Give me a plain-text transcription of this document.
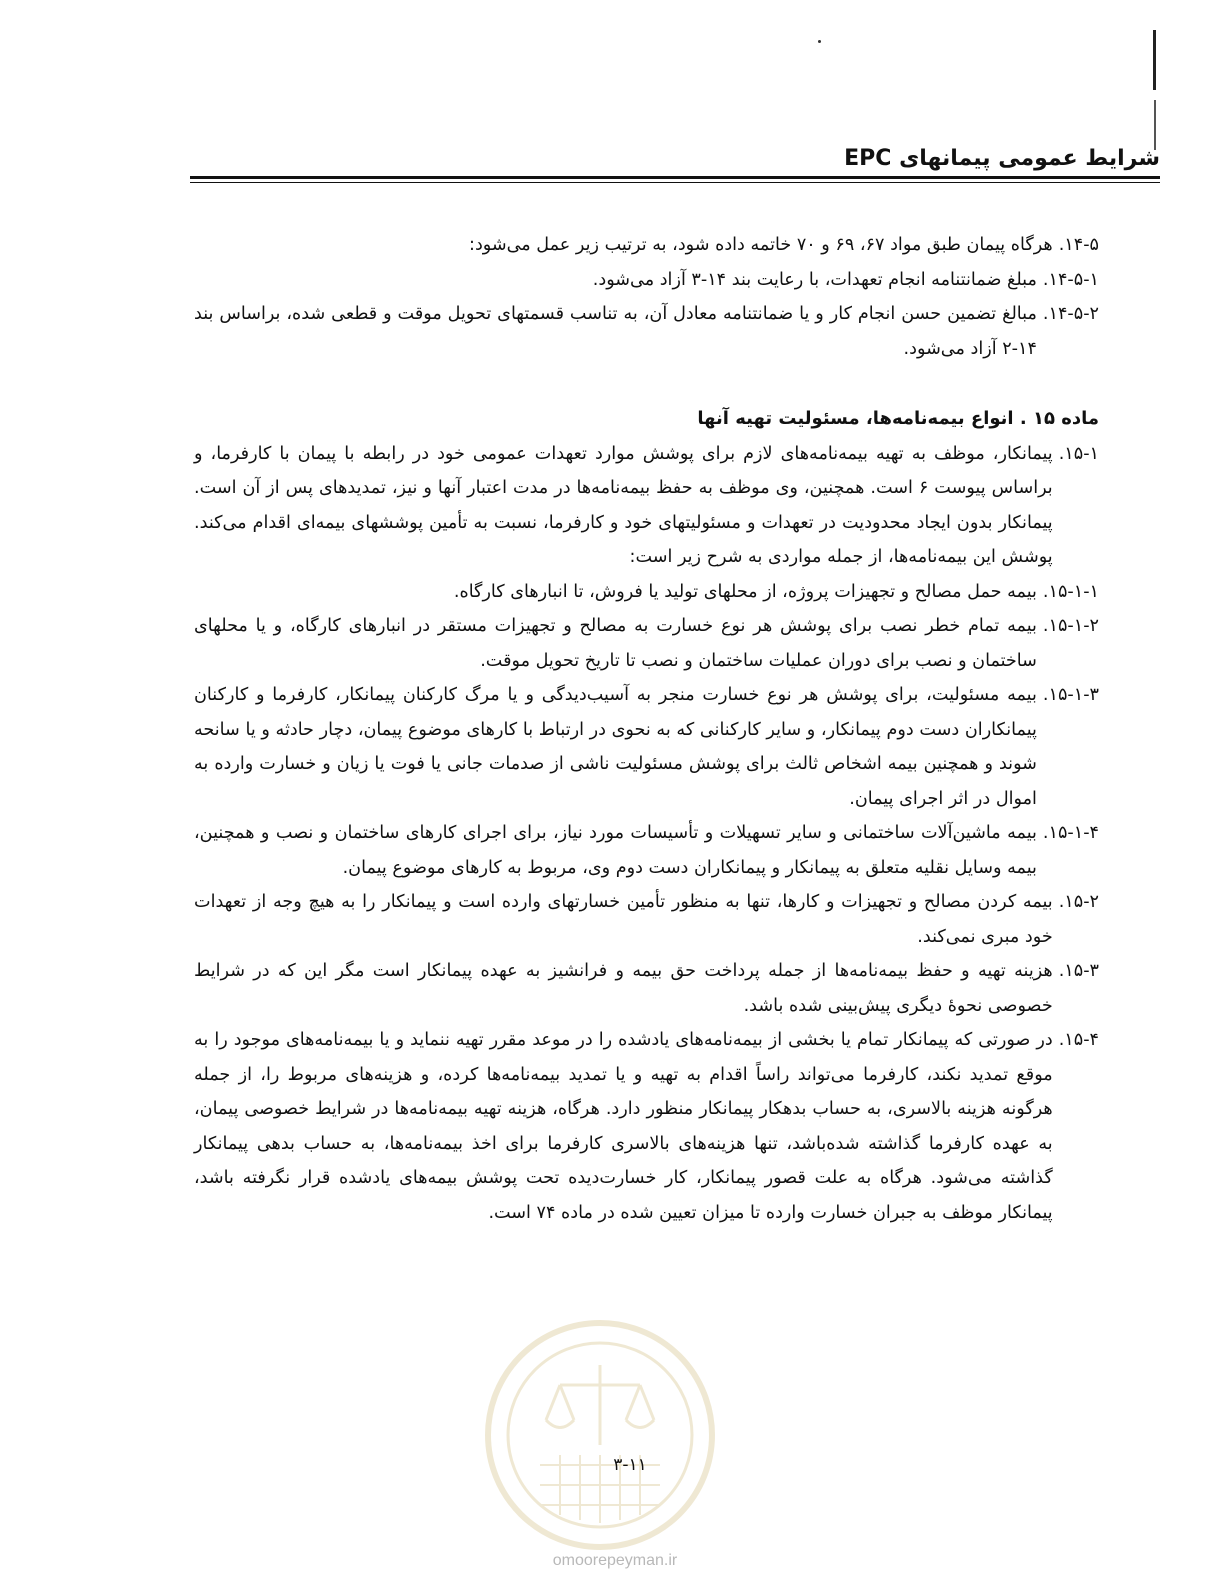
شرایط عمومی پیمانهای EPC
۱۴-۵.
هرگاه پیمان طبق مواد ۶۷، ۶۹ و ۷۰ خاتمه داده شود، به ترتیب زیر عمل می‌شود:
۱۴-۵-۱.
مبلغ ضمانتنامه انجام تعهدات، با رعایت بند ۱۴-۳ آزاد می‌شود.
۱۴-۵-۲.
مبالغ تضمین حسن انجام کار و یا ضمانتنامه معادل آن، به تناسب قسمتهای تحویل موقت و قطعی شده، براساس بند ۱۴-۲ آزاد می‌شود.

ماده ۱۵ . انواع بیمه‌نامه‌ها، مسئولیت تهیه آنها

۱۵-۱.
پیمانکار، موظف به تهیه بیمه‌نامه‌های لازم برای پوشش موارد تعهدات عمومی خود در رابطه با پیمان با کارفرما، و براساس پیوست ۶ است. همچنین، وی موظف به حفظ بیمه‌نامه‌ها در مدت اعتبار آنها و نیز، تمدیدهای پس از آن است. پیمانکار بدون ایجاد محدودیت در تعهدات و مسئولیتهای خود و کارفرما، نسبت به تأمین پوششهای بیمه‌ای اقدام می‌کند. پوشش این بیمه‌نامه‌ها، از جمله مواردی به شرح زیر است:
۱۵-۱-۱.
بیمه حمل مصالح و تجهیزات پروژه، از محلهای تولید یا فروش، تا انبارهای کارگاه.
۱۵-۱-۲.
بیمه تمام خطر نصب برای پوشش هر نوع خسارت به مصالح و تجهیزات مستقر در انبارهای کارگاه، و یا محلهای ساختمان و نصب برای دوران عملیات ساختمان و نصب تا تاریخ تحویل موقت.
۱۵-۱-۳.
بیمه مسئولیت، برای پوشش هر نوع خسارت منجر به آسیب‌دیدگی و یا مرگ کارکنان پیمانکار، کارفرما و کارکنان پیمانکاران دست دوم پیمانکار، و سایر کارکنانی که به نحوی در ارتباط با کارهای موضوع پیمان، دچار حادثه و یا سانحه شوند و همچنین بیمه اشخاص ثالث برای پوشش مسئولیت ناشی از صدمات جانی یا فوت یا زیان و خسارت وارده به اموال در اثر اجرای پیمان.
۱۵-۱-۴.
بیمه ماشین‌آلات ساختمانی و سایر تسهیلات و تأسیسات مورد نیاز، برای اجرای کارهای ساختمان و نصب و همچنین، بیمه وسایل نقلیه متعلق به پیمانکار و پیمانکاران دست دوم وی، مربوط به کارهای موضوع پیمان.
۱۵-۲.
بیمه کردن مصالح و تجهیزات و کارها، تنها به منظور تأمین خسارتهای وارده است و پیمانکار را به هیچ وجه از تعهدات خود مبری نمی‌کند.
۱۵-۳.
هزینه تهیه و حفظ بیمه‌نامه‌ها از جمله پرداخت حق بیمه و فرانشیز به عهده پیمانکار است مگر این که در شرایط خصوصی نحوهٔ دیگری پیش‌بینی شده باشد.
۱۵-۴.
در صورتی که پیمانکار تمام یا بخشی از بیمه‌نامه‌های یادشده را در موعد مقرر تهیه ننماید و یا بیمه‌نامه‌های موجود را به موقع تمدید نکند، کارفرما می‌تواند راساً اقدام به تهیه و یا تمدید بیمه‌نامه‌ها کرده، و هزینه‌های مربوط را، از جمله هرگونه هزینه بالاسری، به حساب بدهکار پیمانکار منظور دارد. هرگاه، هزینه تهیه بیمه‌نامه‌ها در شرایط خصوصی پیمان، به عهده کارفرما گذاشته شده‌باشد، تنها هزینه‌های بالاسری کارفرما برای اخذ بیمه‌نامه‌ها، به حساب بدهی پیمانکار گذاشته می‌شود. هرگاه به علت قصور پیمانکار، کار خسارت‌دیده تحت پوشش بیمه‌های یادشده قرار نگرفته باشد، پیمانکار موظف به جبران خسارت وارده تا میزان تعیین شده در ماده ۷۴ است.
۳-۱۱
omoorepeyman.ir
